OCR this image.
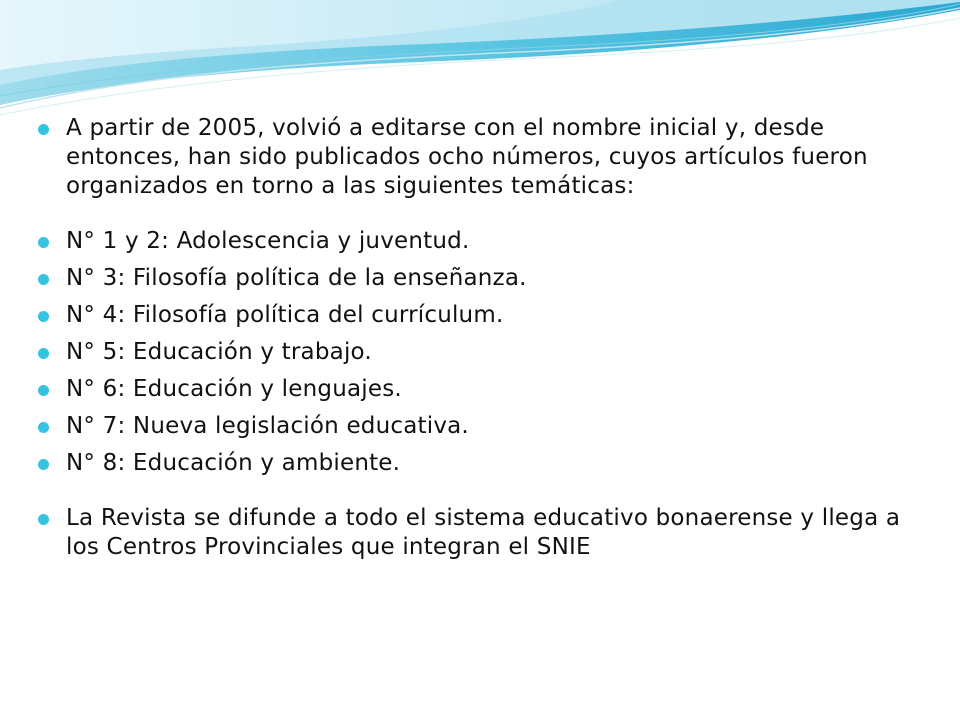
A partir de 2005, volvió a editarse con el nombre inicial y, desde entonces, han sido publicados ocho números, cuyos artículos fueron organizados en torno a las siguientes temáticas:
N° 1 y 2: Adolescencia y juventud.
N° 3: Filosofía política de la enseñanza.
N° 4: Filosofía política del currículum.
N° 5: Educación y trabajo.
N° 6: Educación y lenguajes.
N° 7: Nueva legislación educativa.
N° 8: Educación y ambiente.
La Revista se difunde a todo el sistema educativo bonaerense y llega a los Centros Provinciales que integran el SNIE
